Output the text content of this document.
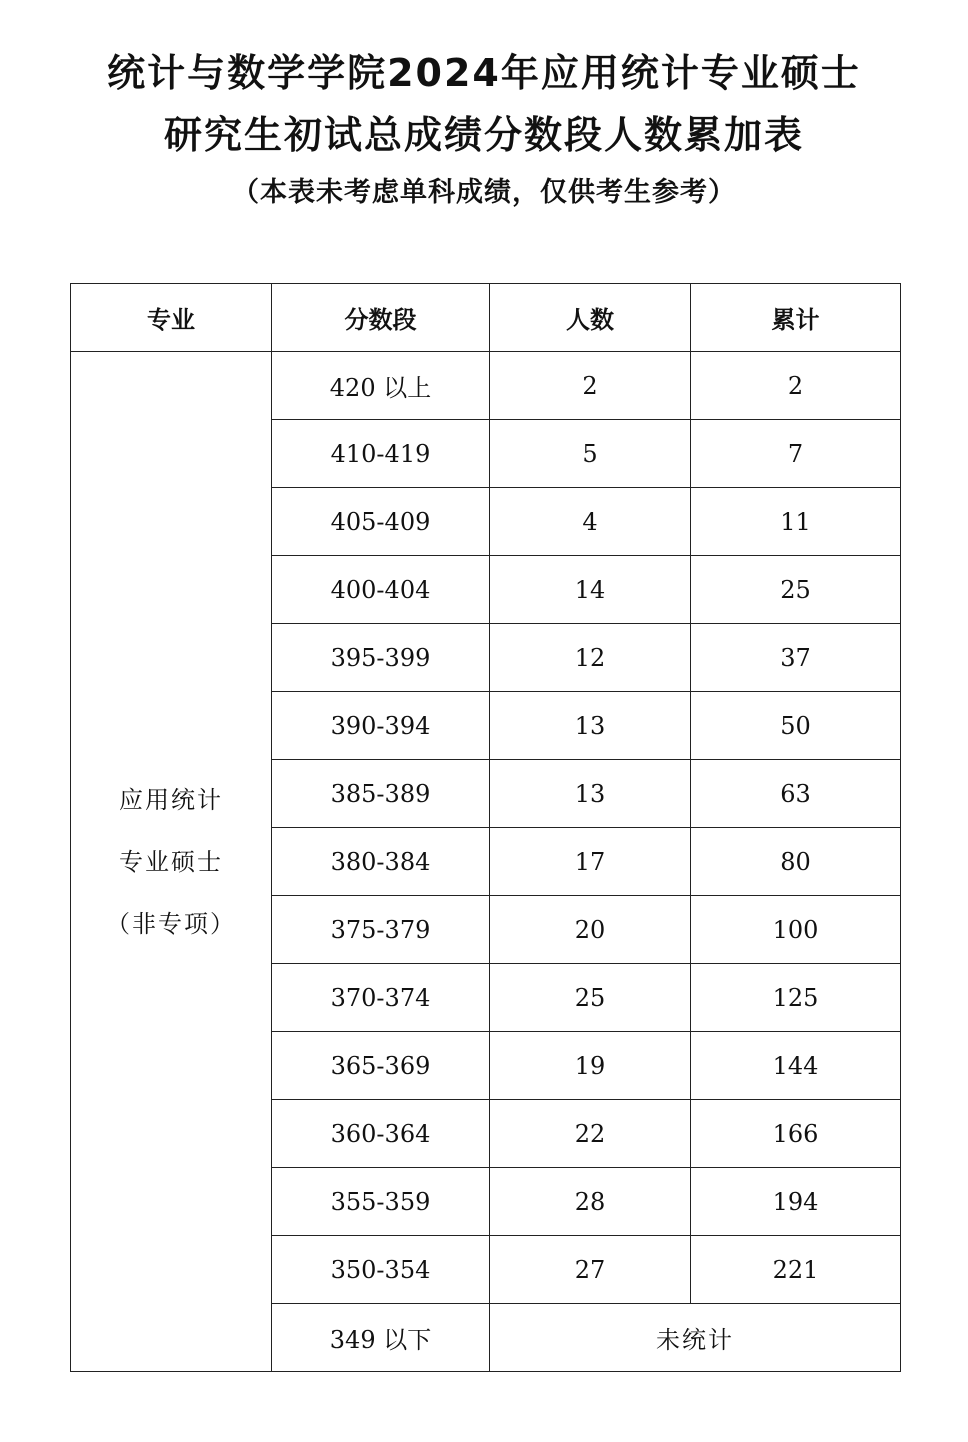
统计与数学学院2024年应用统计专业硕士
研究生初试总成绩分数段人数累加表
（本表未考虑单科成绩，仅供考生参考）
专业	分数段	人数	累计

应用统计
专业硕士
（非专项）	420 以上	2	2
	410-419	5	7
	405-409	4	11
	400-404	14	25
	395-399	12	37
	390-394	13	50
	385-389	13	63
	380-384	17	80
	375-379	20	100
	370-374	25	125
	365-369	19	144
	360-364	22	166
	355-359	28	194
	350-354	27	221
	349 以下	未统计	
